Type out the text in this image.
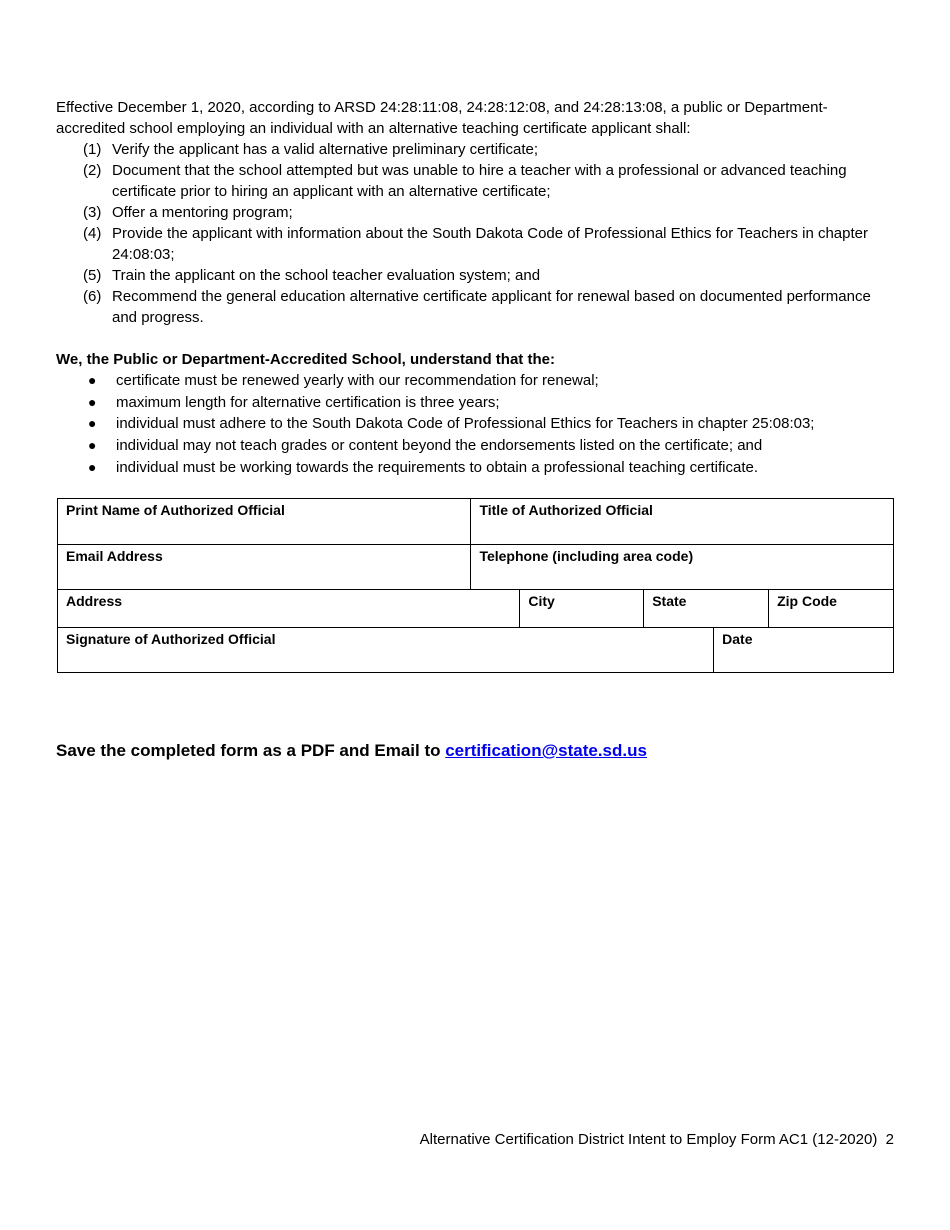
Effective December 1, 2020, according to ARSD 24:28:11:08, 24:28:12:08, and 24:28:13:08, a public or Department-accredited school employing an individual with an alternative teaching certificate applicant shall:

(1) Verify the applicant has a valid alternative preliminary certificate;
(2) Document that the school attempted but was unable to hire a teacher with a professional or advanced teaching certificate prior to hiring an applicant with an alternative certificate;
(3) Offer a mentoring program;
(4) Provide the applicant with information about the South Dakota Code of Professional Ethics for Teachers in chapter 24:08:03;
(5) Train the applicant on the school teacher evaluation system; and
(6) Recommend the general education alternative certificate applicant for renewal based on documented performance and progress.
We, the Public or Department-Accredited School, understand that the:
● certificate must be renewed yearly with our recommendation for renewal;
● maximum length for alternative certification is three years;
● individual must adhere to the South Dakota Code of Professional Ethics for Teachers in chapter 25:08:03;
● individual may not teach grades or content beyond the endorsements listed on the certificate; and
● individual must be working towards the requirements to obtain a professional teaching certificate.
Print Name of Authorized Official	Title of Authorized Official				
Email Address	Telephone (including area code)				
Address		City	State		Zip Code
Signature of Authorized Official				Date	
Save the completed form as a PDF and Email to certification@state.sd.us
Alternative Certification District Intent to Employ Form AC1 (12-2020)  2
